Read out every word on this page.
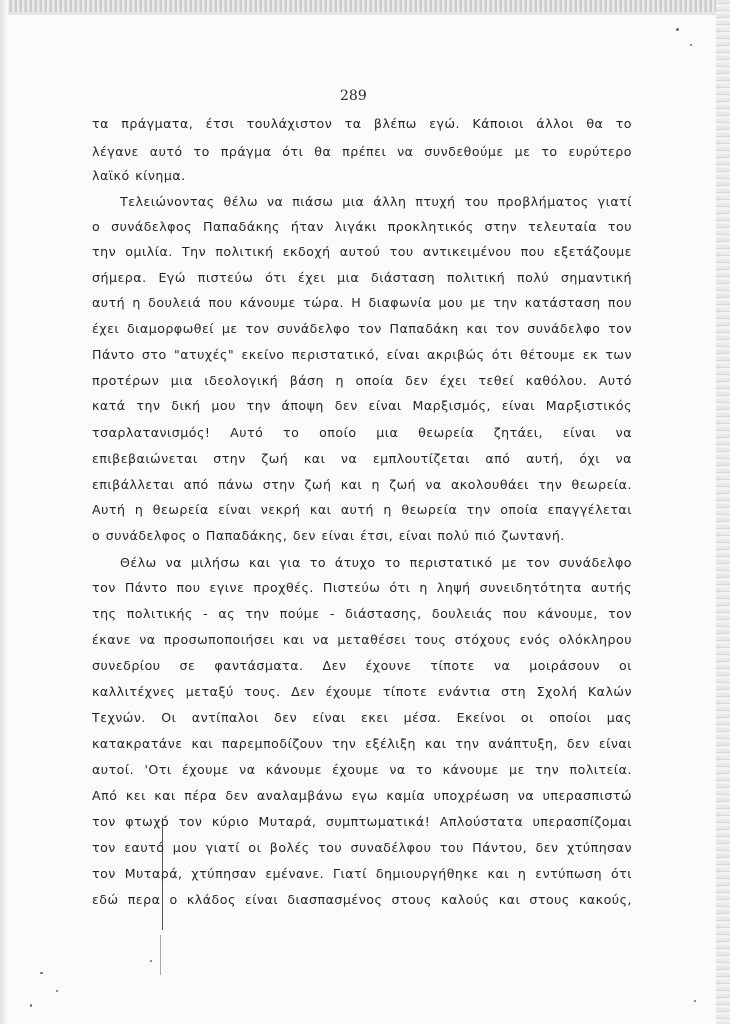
289
τα πράγματα, έτσι τουλάχιστον τα βλέπω εγώ. Κάποιοι άλλοι θα το
λέγανε αυτό το πράγμα ότι θα πρέπει να συνδεθούμε με το ευρύτερο
λαϊκό κίνημα.
Τελειώνοντας θέλω να πιάσω μια άλλη πτυχή του προβλήματος γιατί
ο συνάδελφος Παπαδάκης ήταν λιγάκι προκλητικός στην τελευταία του
την ομιλία. Την πολιτική εκδοχή αυτού του αντικειμένου που εξετάζουμε
σήμερα. Εγώ πιστεύω ότι έχει μια διάσταση πολιτική πολύ σημαντική
αυτή η δουλειά που κάνουμε τώρα. Η διαφωνία μου με την κατάσταση που
έχει διαμορφωθεί με τον συνάδελφο τον Παπαδάκη και τον συνάδελφο τον
Πάντο στο "ατυχές" εκείνο περιστατικό, είναι ακριβώς ότι θέτουμε εκ των
προτέρων μια ιδεολογική βάση η οποία δεν έχει τεθεί καθόλου. Αυτό
κατά την δική μου την άποψη δεν είναι Μαρξισμός, είναι Μαρξιστικός
τσαρλατανισμός! Αυτό το οποίο μια θεωρεία ζητάει, είναι να
επιβεβαιώνεται στην ζωή και να εμπλουτίζεται από αυτή, όχι να
επιβάλλεται από πάνω στην ζωή και η ζωή να ακολουθάει την θεωρεία.
Αυτή η θεωρεία είναι νεκρή και αυτή η θεωρεία την οποία επαγγέλεται
ο συνάδελφος ο Παπαδάκης, δεν είναι έτσι, είναι πολύ πιό ζωντανή.
Θέλω να μιλήσω και για το άτυχο το περιστατικό με τον συνάδελφο
τον Πάντο που εγινε προχθές. Πιστεύω ότι η ληψή συνειδητότητα αυτής
της πολιτικής - ας την πούμε - διάστασης, δουλειάς που κάνουμε, τον
έκανε να προσωποποιήσει και να μεταθέσει τους στόχους ενός ολόκληρου
συνεδρίου σε φαντάσματα. Δεν έχουνε τίποτε να μοιράσουν οι
καλλιτέχνες μεταξύ τους. Δεν έχουμε τίποτε ενάντια στη Σχολή Καλών
Τεχνών. Οι αντίπαλοι δεν είναι εκει μέσα. Εκείνοι οι οποίοι μας
κατακρατάνε και παρεμποδίζουν την εξέλιξη και την ανάπτυξη, δεν είναι
αυτοί. 'Οτι έχουμε να κάνουμε έχουμε να το κάνουμε με την πολιτεία.
Από κει και πέρα δεν αναλαμβάνω εγω καμία υποχρέωση να υπερασπιστώ
τον φτωχό τον κύριο Μυταρά, συμπτωματικά! Απλούστατα υπερασπίζομαι
τον εαυτό μου γιατί οι βολές του συναδέλφου του Πάντου, δεν χτύπησαν
τον Μυταρά, χτύπησαν εμένανε. Γιατί δημιουργήθηκε και η εντύπωση ότι
εδώ περα ο κλάδος είναι διασπασμένος στους καλούς και στους κακούς,
